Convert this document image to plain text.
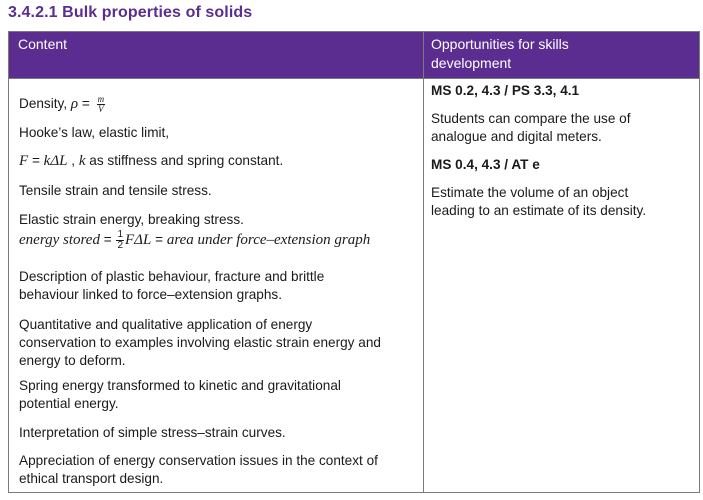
3.4.2.1 Bulk properties of solids
Content	Opportunities for skills
development
Density, $\rho = \frac{m}{V}$
Hooke’s law, elastic limit,
F = kΔL , k as stiffness and spring constant.
Tensile strain and tensile stress.
Elastic strain energy, breaking stress.
energy stored = $\frac{1}{2}$ FΔL = area under force–extension graph
Description of plastic behaviour, fracture and brittle
behaviour linked to force–extension graphs.
Quantitative and qualitative application of energy
conservation to examples involving elastic strain energy and
energy to deform.
Spring energy transformed to kinetic and gravitational
potential energy.
Interpretation of simple stress–strain curves.
Appreciation of energy conservation issues in the context of
ethical transport design.
MS 0.2, 4.3 / PS 3.3, 4.1
Students can compare the use of
analogue and digital meters.
MS 0.4, 4.3 / AT e
Estimate the volume of an object
leading to an estimate of its density.
